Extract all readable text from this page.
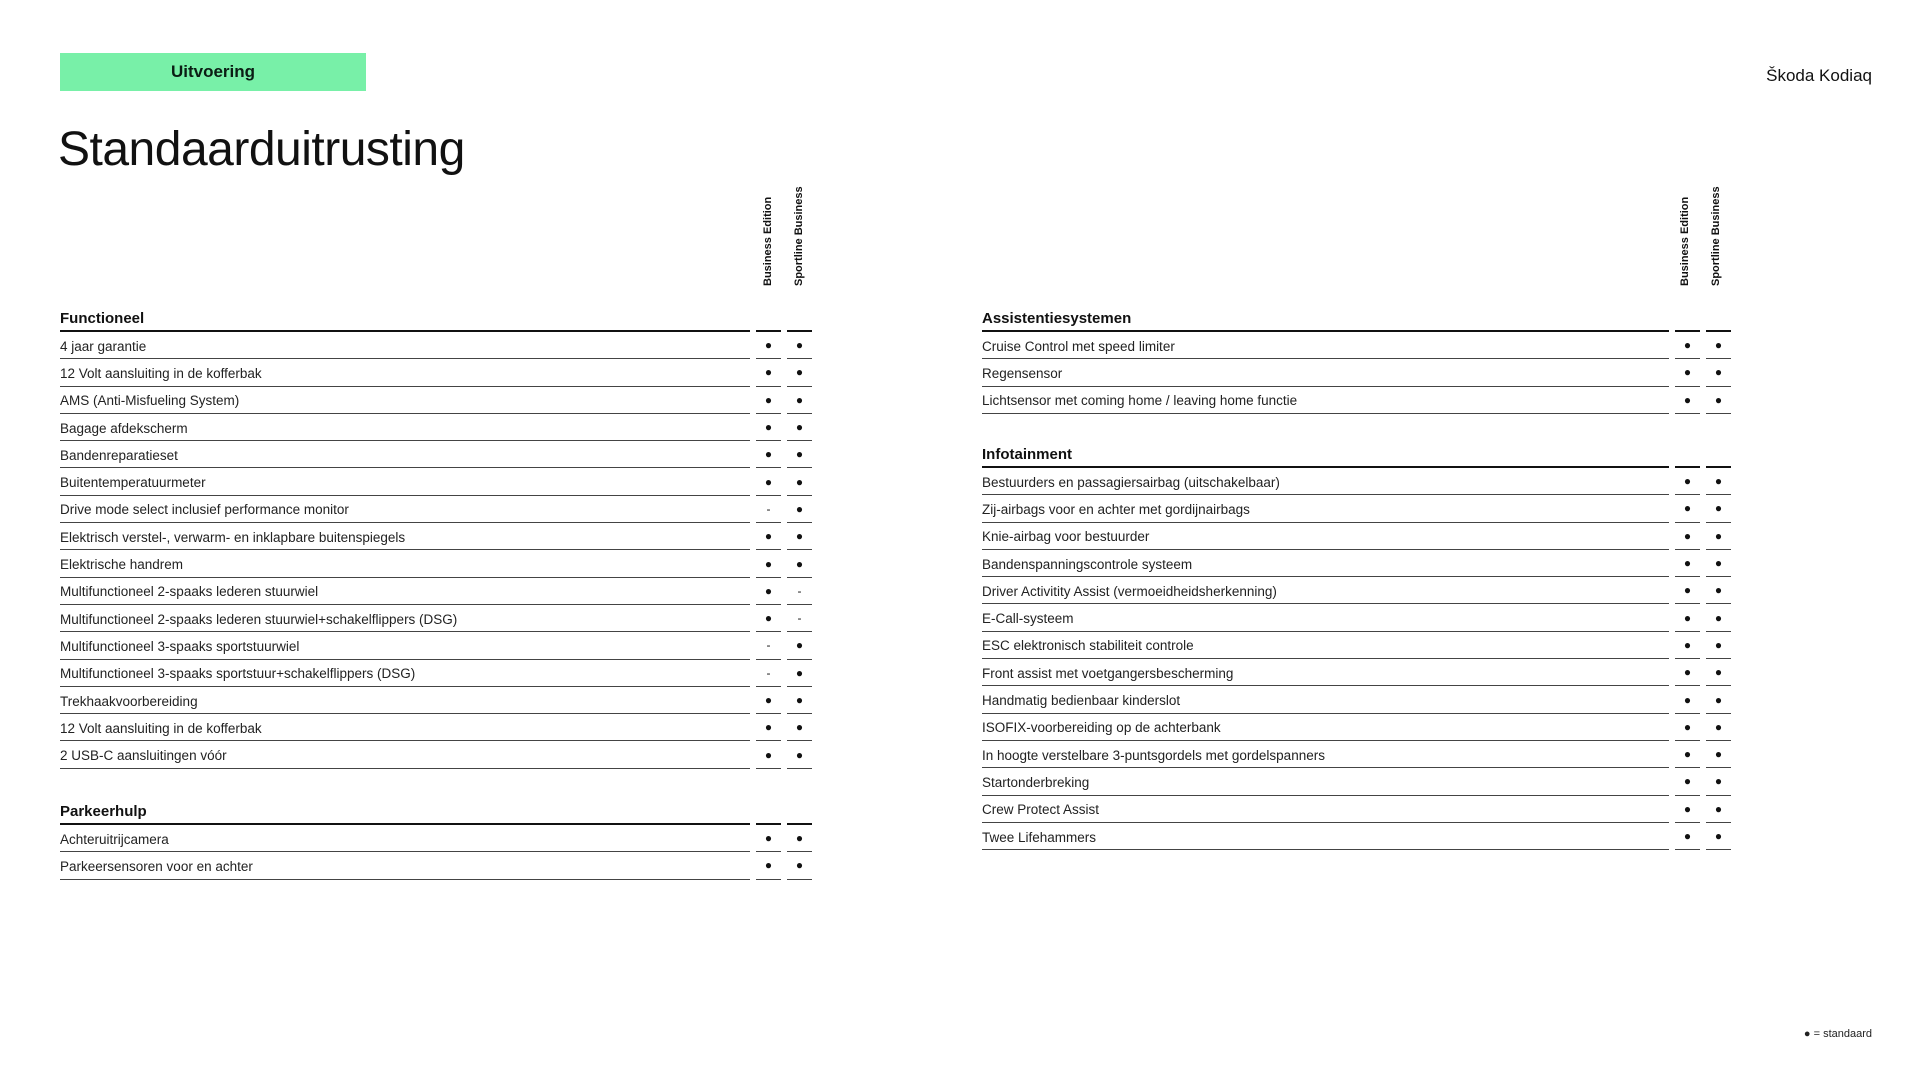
Uitvoering	Škoda Kodiaq
Standaarduitrusting
Business Edition Sportline Business	Business Edition Sportline Business
Functioneel
4 jaar garantie	●	●
12 Volt aansluiting in de kofferbak	●	●
AMS (Anti-Misfueling System)	●	●
Bagage afdekscherm	●	●
Bandenreparatieset	●	●
Buitentemperatuurmeter	●	●
Drive mode select inclusief performance monitor	-	●
Elektrisch verstel-, verwarm- en inklapbare buitenspiegels	●	●
Elektrische handrem	●	●
Multifunctioneel 2-spaaks lederen stuurwiel	●	-
Multifunctioneel 2-spaaks lederen stuurwiel+schakelflippers (DSG)	●	-
Multifunctioneel 3-spaaks sportstuurwiel	-	●
Multifunctioneel 3-spaaks sportstuur+schakelflippers (DSG)	-	●
Trekhaakvoorbereiding	●	●
12 Volt aansluiting in de kofferbak	●	●
2 USB-C aansluitingen vóór	●	●
Parkeerhulp
Achteruitrijcamera	●	●
Parkeersensoren voor en achter	●	●
Assistentiesystemen
Cruise Control met speed limiter	●	●
Regensensor	●	●
Lichtsensor met coming home / leaving home functie	●	●
Infotainment
Bestuurders en passagiersairbag (uitschakelbaar)	●	●
Zij-airbags voor en achter met gordijnairbags	●	●
Knie-airbag voor bestuurder	●	●
Bandenspanningscontrole systeem	●	●
Driver Activitity Assist (vermoeidheidsherkenning)	●	●
E-Call-systeem	●	●
ESC elektronisch stabiliteit controle	●	●
Front assist met voetgangersbescherming	●	●
Handmatig bedienbaar kinderslot	●	●
ISOFIX-voorbereiding op de achterbank	●	●
In hoogte verstelbare 3-puntsgordels met gordelspanners	●	●
Startonderbreking	●	●
Crew Protect Assist	●	●
Twee Lifehammers	●	●
● = standaard
